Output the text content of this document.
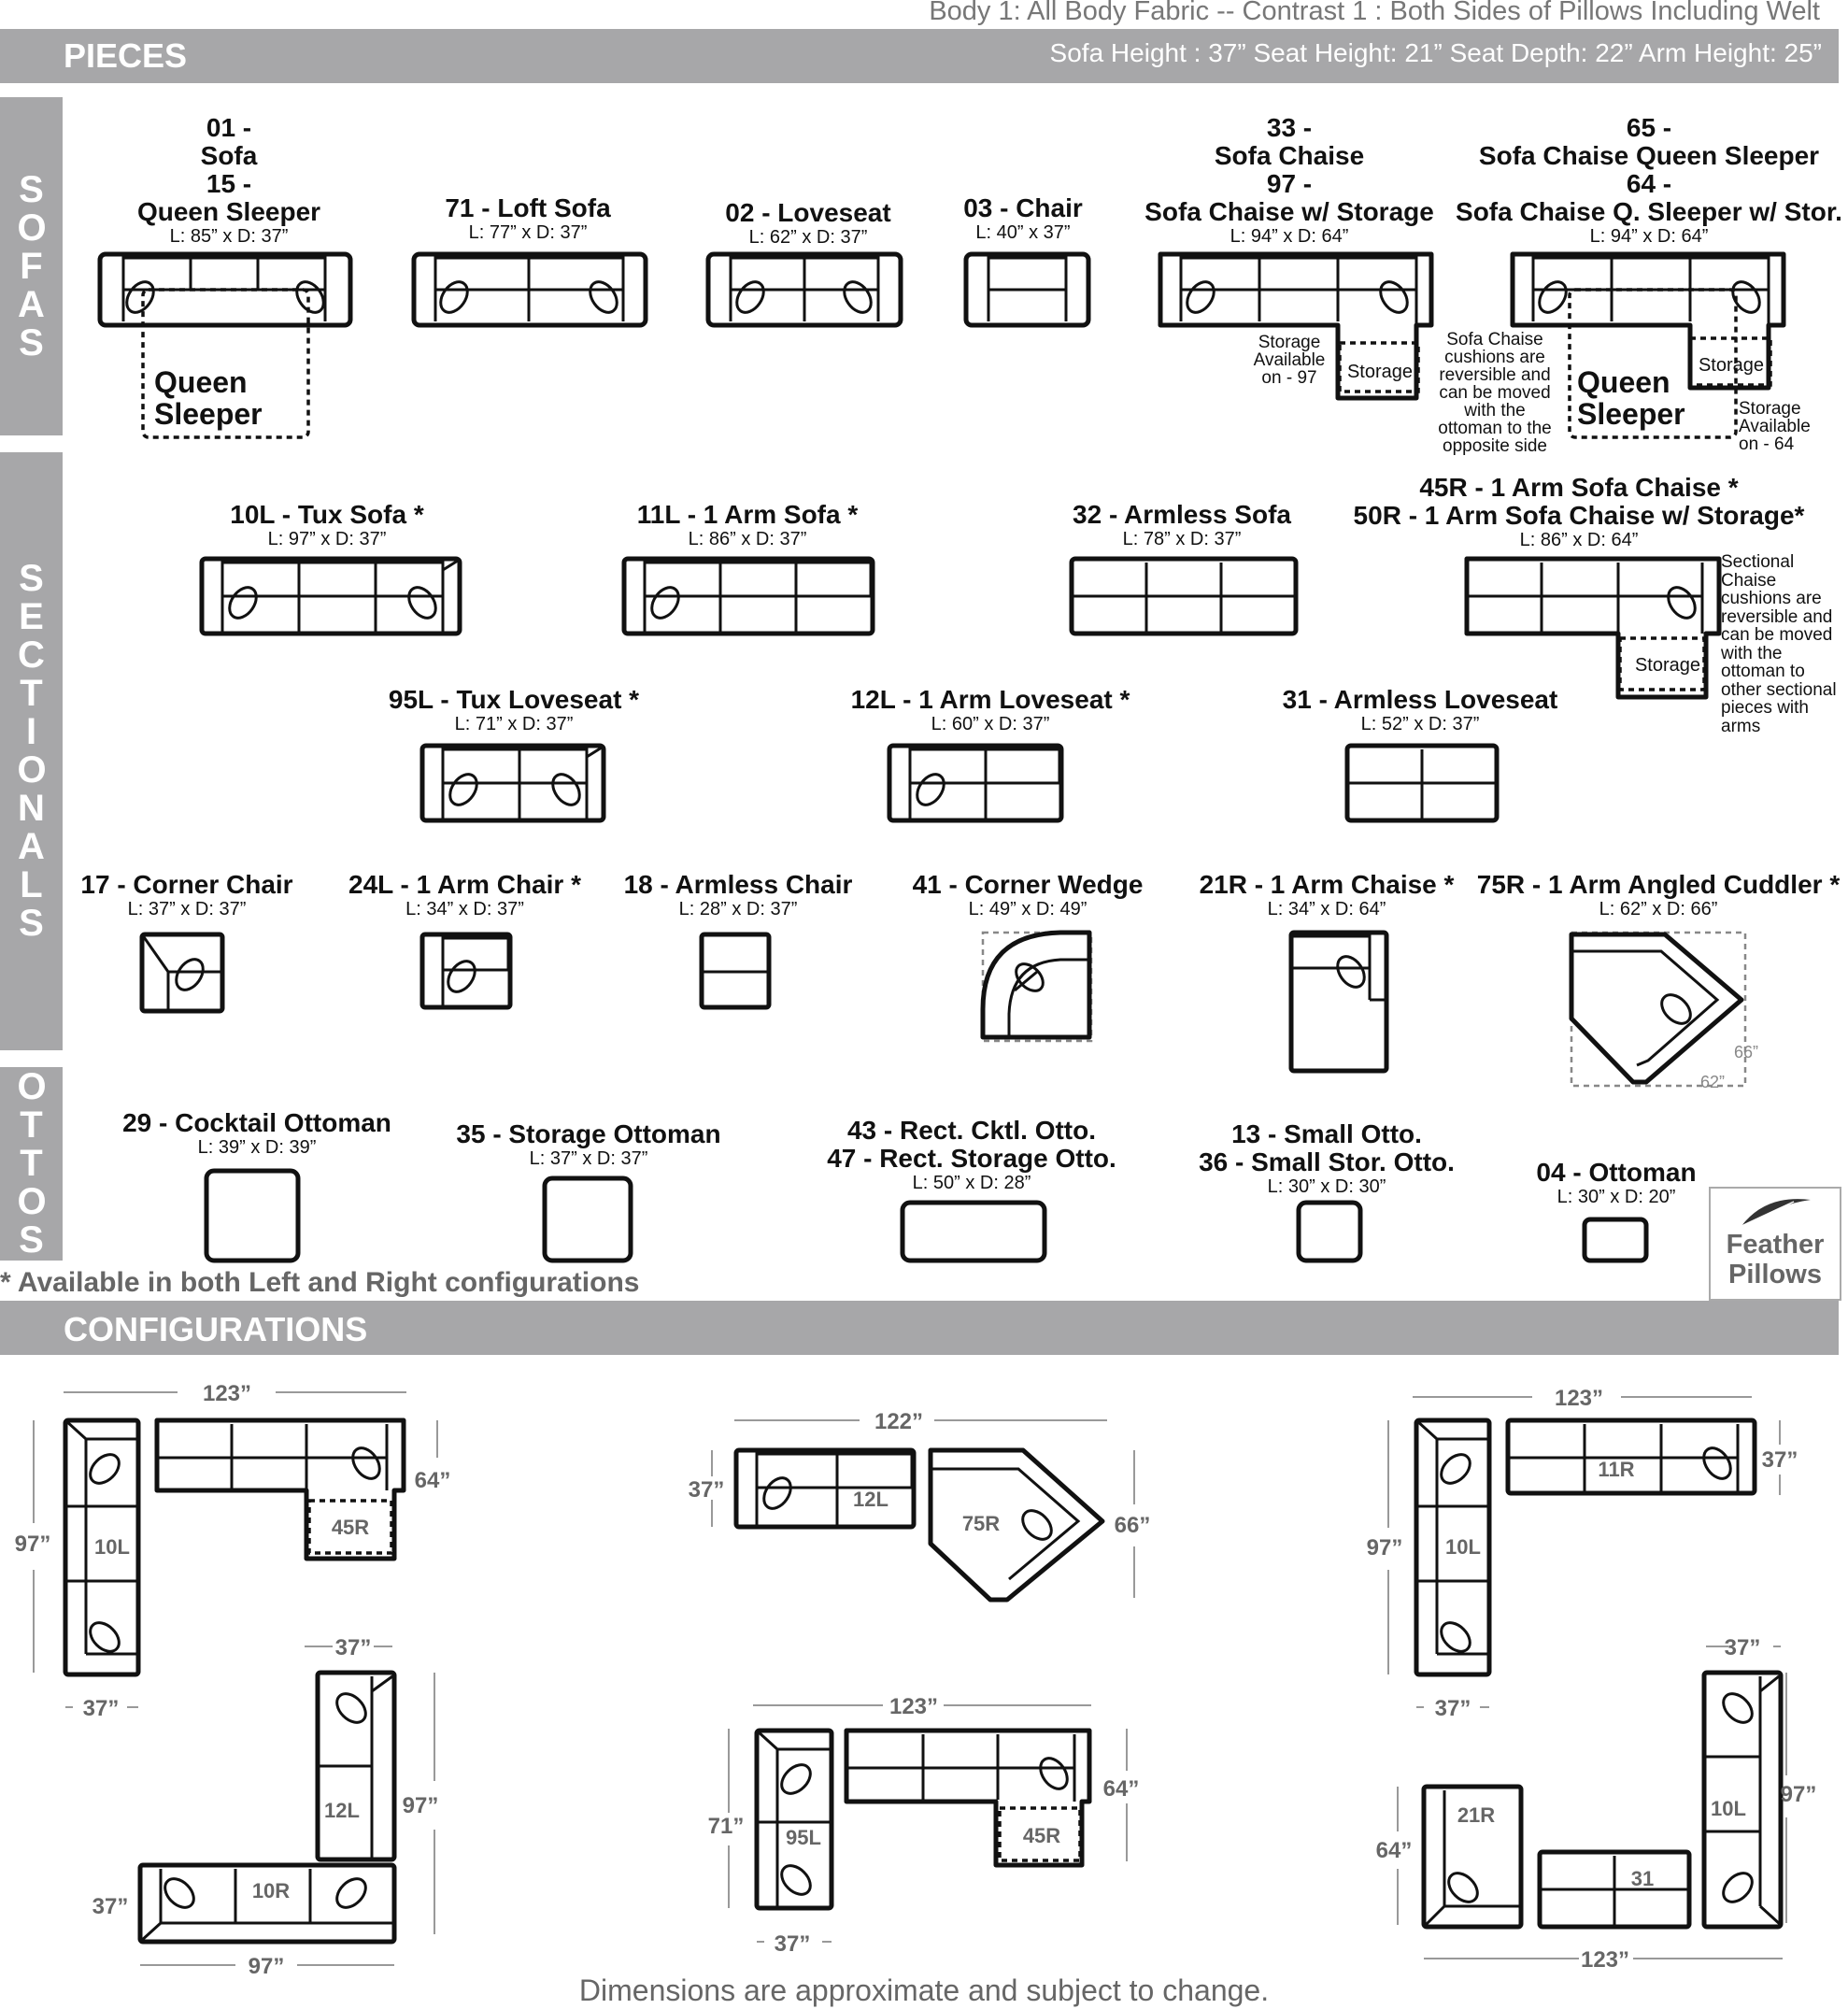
Body 1: All Body Fabric -- Contrast 1 : Both Sides of Pillows Including Welt
PIECES	Sofa Height : 37” Seat Height: 21” Seat Depth: 22” Arm Height: 25”
SOFAS
SECTIONALS
OTTOS
01 -
Sofa
15 -
Queen Sleeper
L: 85” x D: 37”
71 - Loft Sofa
L: 77” x D: 37”
02 - Loveseat
L: 62” x D: 37”
03 - Chair
L: 40” x 37”
33 -
Sofa Chaise
97 -
Sofa Chaise w/ Storage
L: 94” x D: 64”
65 -
Sofa Chaise Queen Sleeper
64 -
Sofa Chaise Q. Sleeper w/ Stor.
L: 94” x D: 64”
Queen
Sleeper
Queen
Sleeper
Storage	Storage
Storage
Available
on - 97
Sofa Chaise
cushions are
reversible and
can be moved
with the
ottoman to the
opposite side
Storage
Available
on - 64
10L - Tux Sofa *
L: 97” x D: 37”
11L - 1 Arm Sofa *
L: 86” x D: 37”
32 - Armless Sofa
L: 78” x D: 37”
45R - 1 Arm Sofa Chaise *
50R - 1 Arm Sofa Chaise w/ Storage*
L: 86” x D: 64”
95L - Tux Loveseat *
L: 71” x D: 37”
12L - 1 Arm Loveseat *
L: 60” x D: 37”
31 - Armless Loveseat
L: 52” x D: 37”
17 - Corner Chair
L: 37” x D: 37”
24L - 1 Arm Chair *
L: 34” x D: 37”
18 - Armless Chair
L: 28” x D: 37”
41 - Corner Wedge
L: 49” x D: 49”
21R - 1 Arm Chaise *
L: 34” x D: 64”
75R - 1 Arm Angled Cuddler *
L: 62” x D: 66”
Storage
Sectional
Chaise
cushions are
reversible and
can be moved
with the
ottoman to
other sectional
pieces with
arms
66”
62”
29 - Cocktail Ottoman
L: 39” x D: 39”	35 - Storage Ottoman
L: 37” x D: 37”
43 - Rect. Cktl. Otto.
47 - Rect. Storage Otto.
L: 50” x D: 28”
13 - Small Otto.
36 - Small Stor. Otto.
L: 30” x D: 30”	04 - Ottoman
L: 30” x D: 20”
* Available in both Left and Right configurations
Feather
Pillows
CONFIGURATIONS
123”
97”
64”
37”
10L
45R
37”
97”
37”
97”
12L
10R
122”
37”
66”
12L
75R
123”
71”
64”
37”
95L	45R
123”
97”
37”
37”
10L
11R
37”
97”
64”
123”
21R
31
10L
Dimensions are approximate and subject to change.
